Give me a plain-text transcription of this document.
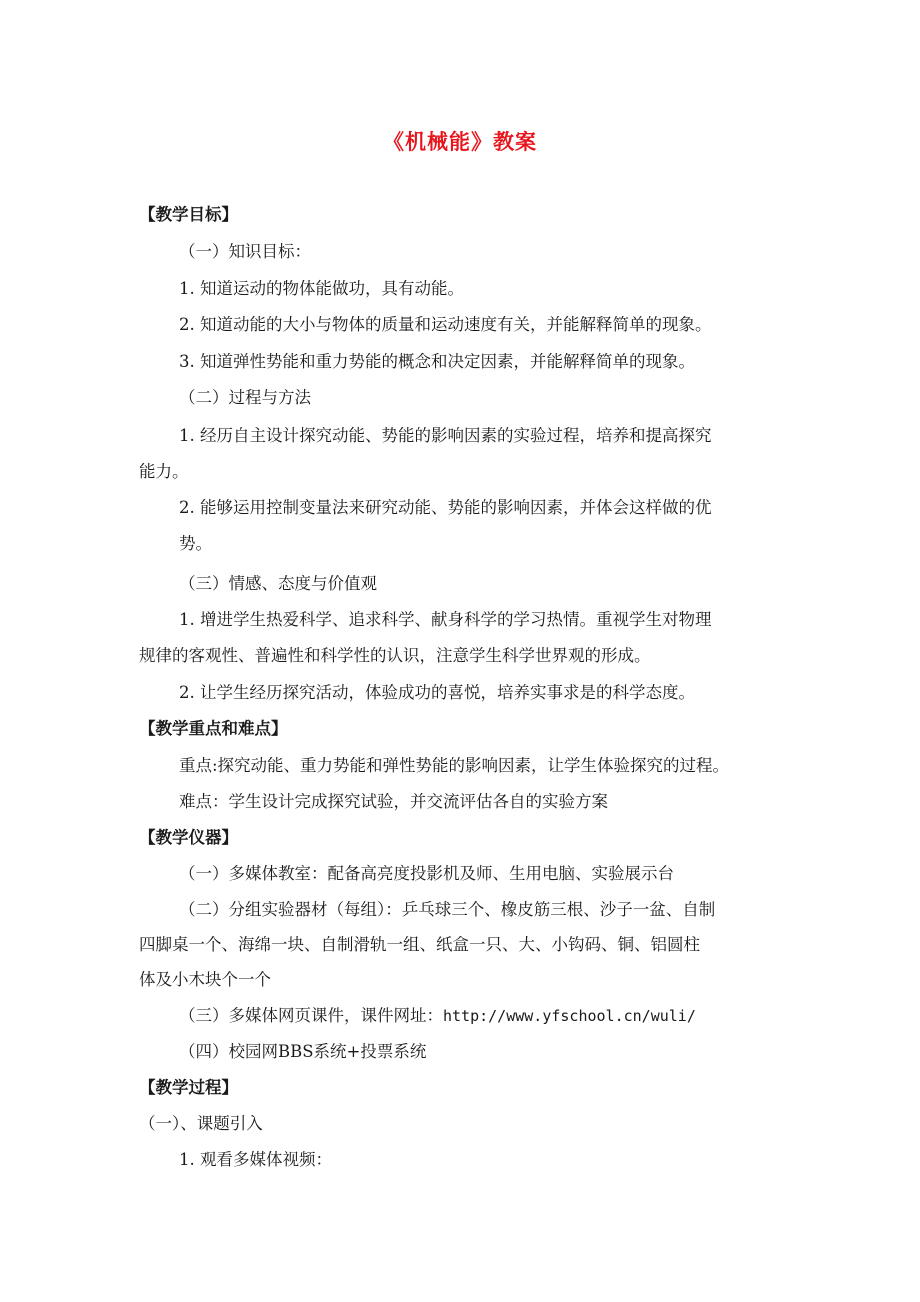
《机械能》教案
【教学目标】
（一）知识目标：
1. 知道运动的物体能做功，具有动能。
2. 知道动能的大小与物体的质量和运动速度有关，并能解释简单的现象。
3. 知道弹性势能和重力势能的概念和决定因素，并能解释简单的现象。
（二）过程与方法
1. 经历自主设计探究动能、势能的影响因素的实验过程，培养和提高探究
能力。
2. 能够运用控制变量法来研究动能、势能的影响因素，并体会这样做的优
势。
（三）情感、态度与价值观
1. 增进学生热爱科学、追求科学、献身科学的学习热情。重视学生对物理
规律的客观性、普遍性和科学性的认识，注意学生科学世界观的形成。
2. 让学生经历探究活动，体验成功的喜悦，培养实事求是的科学态度。
【教学重点和难点】
重点:探究动能、重力势能和弹性势能的影响因素，让学生体验探究的过程。
难点：学生设计完成探究试验，并交流评估各自的实验方案
【教学仪器】
（一）多媒体教室：配备高亮度投影机及师、生用电脑、实验展示台
（二）分组实验器材（每组）：乒乓球三个、橡皮筋三根、沙子一盆、自制
四脚桌一个、海绵一块、自制滑轨一组、纸盒一只、大、小钩码、铜、铝圆柱
体及小木块个一个
（三）多媒体网页课件，课件网址：http://www.yfschool.cn/wuli/
（四）校园网BBS系统+投票系统
【教学过程】
（一）、课题引入
1. 观看多媒体视频：
